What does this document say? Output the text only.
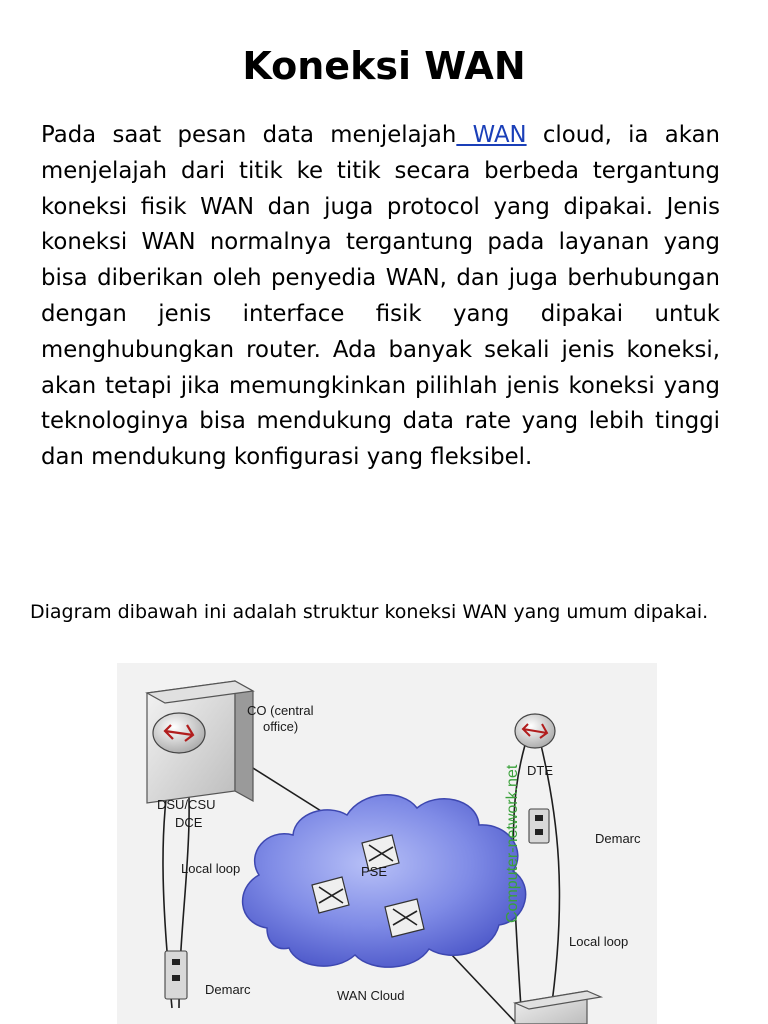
Koneksi WAN

Pada saat pesan data menjelajah WAN cloud, ia akan menjelajah dari titik ke titik secara berbeda tergantung koneksi fisik WAN dan juga protocol yang dipakai. Jenis koneksi WAN normalnya tergantung pada layanan yang bisa diberikan oleh penyedia WAN, dan juga berhubungan dengan jenis interface fisik yang dipakai untuk menghubungkan router. Ada banyak sekali jenis koneksi, akan tetapi jika memungkinkan pilihlah jenis koneksi yang teknologinya bisa mendukung data rate yang lebih tinggi dan mendukung konfigurasi yang fleksibel.

Diagram dibawah ini adalah struktur koneksi WAN yang umum dipakai.

CO (central
office)
DSU/CSU
DCE
Local loop	PSE
DTE
Demarc
Local loop
Demarc	WAN Cloud
Computer-network.net
